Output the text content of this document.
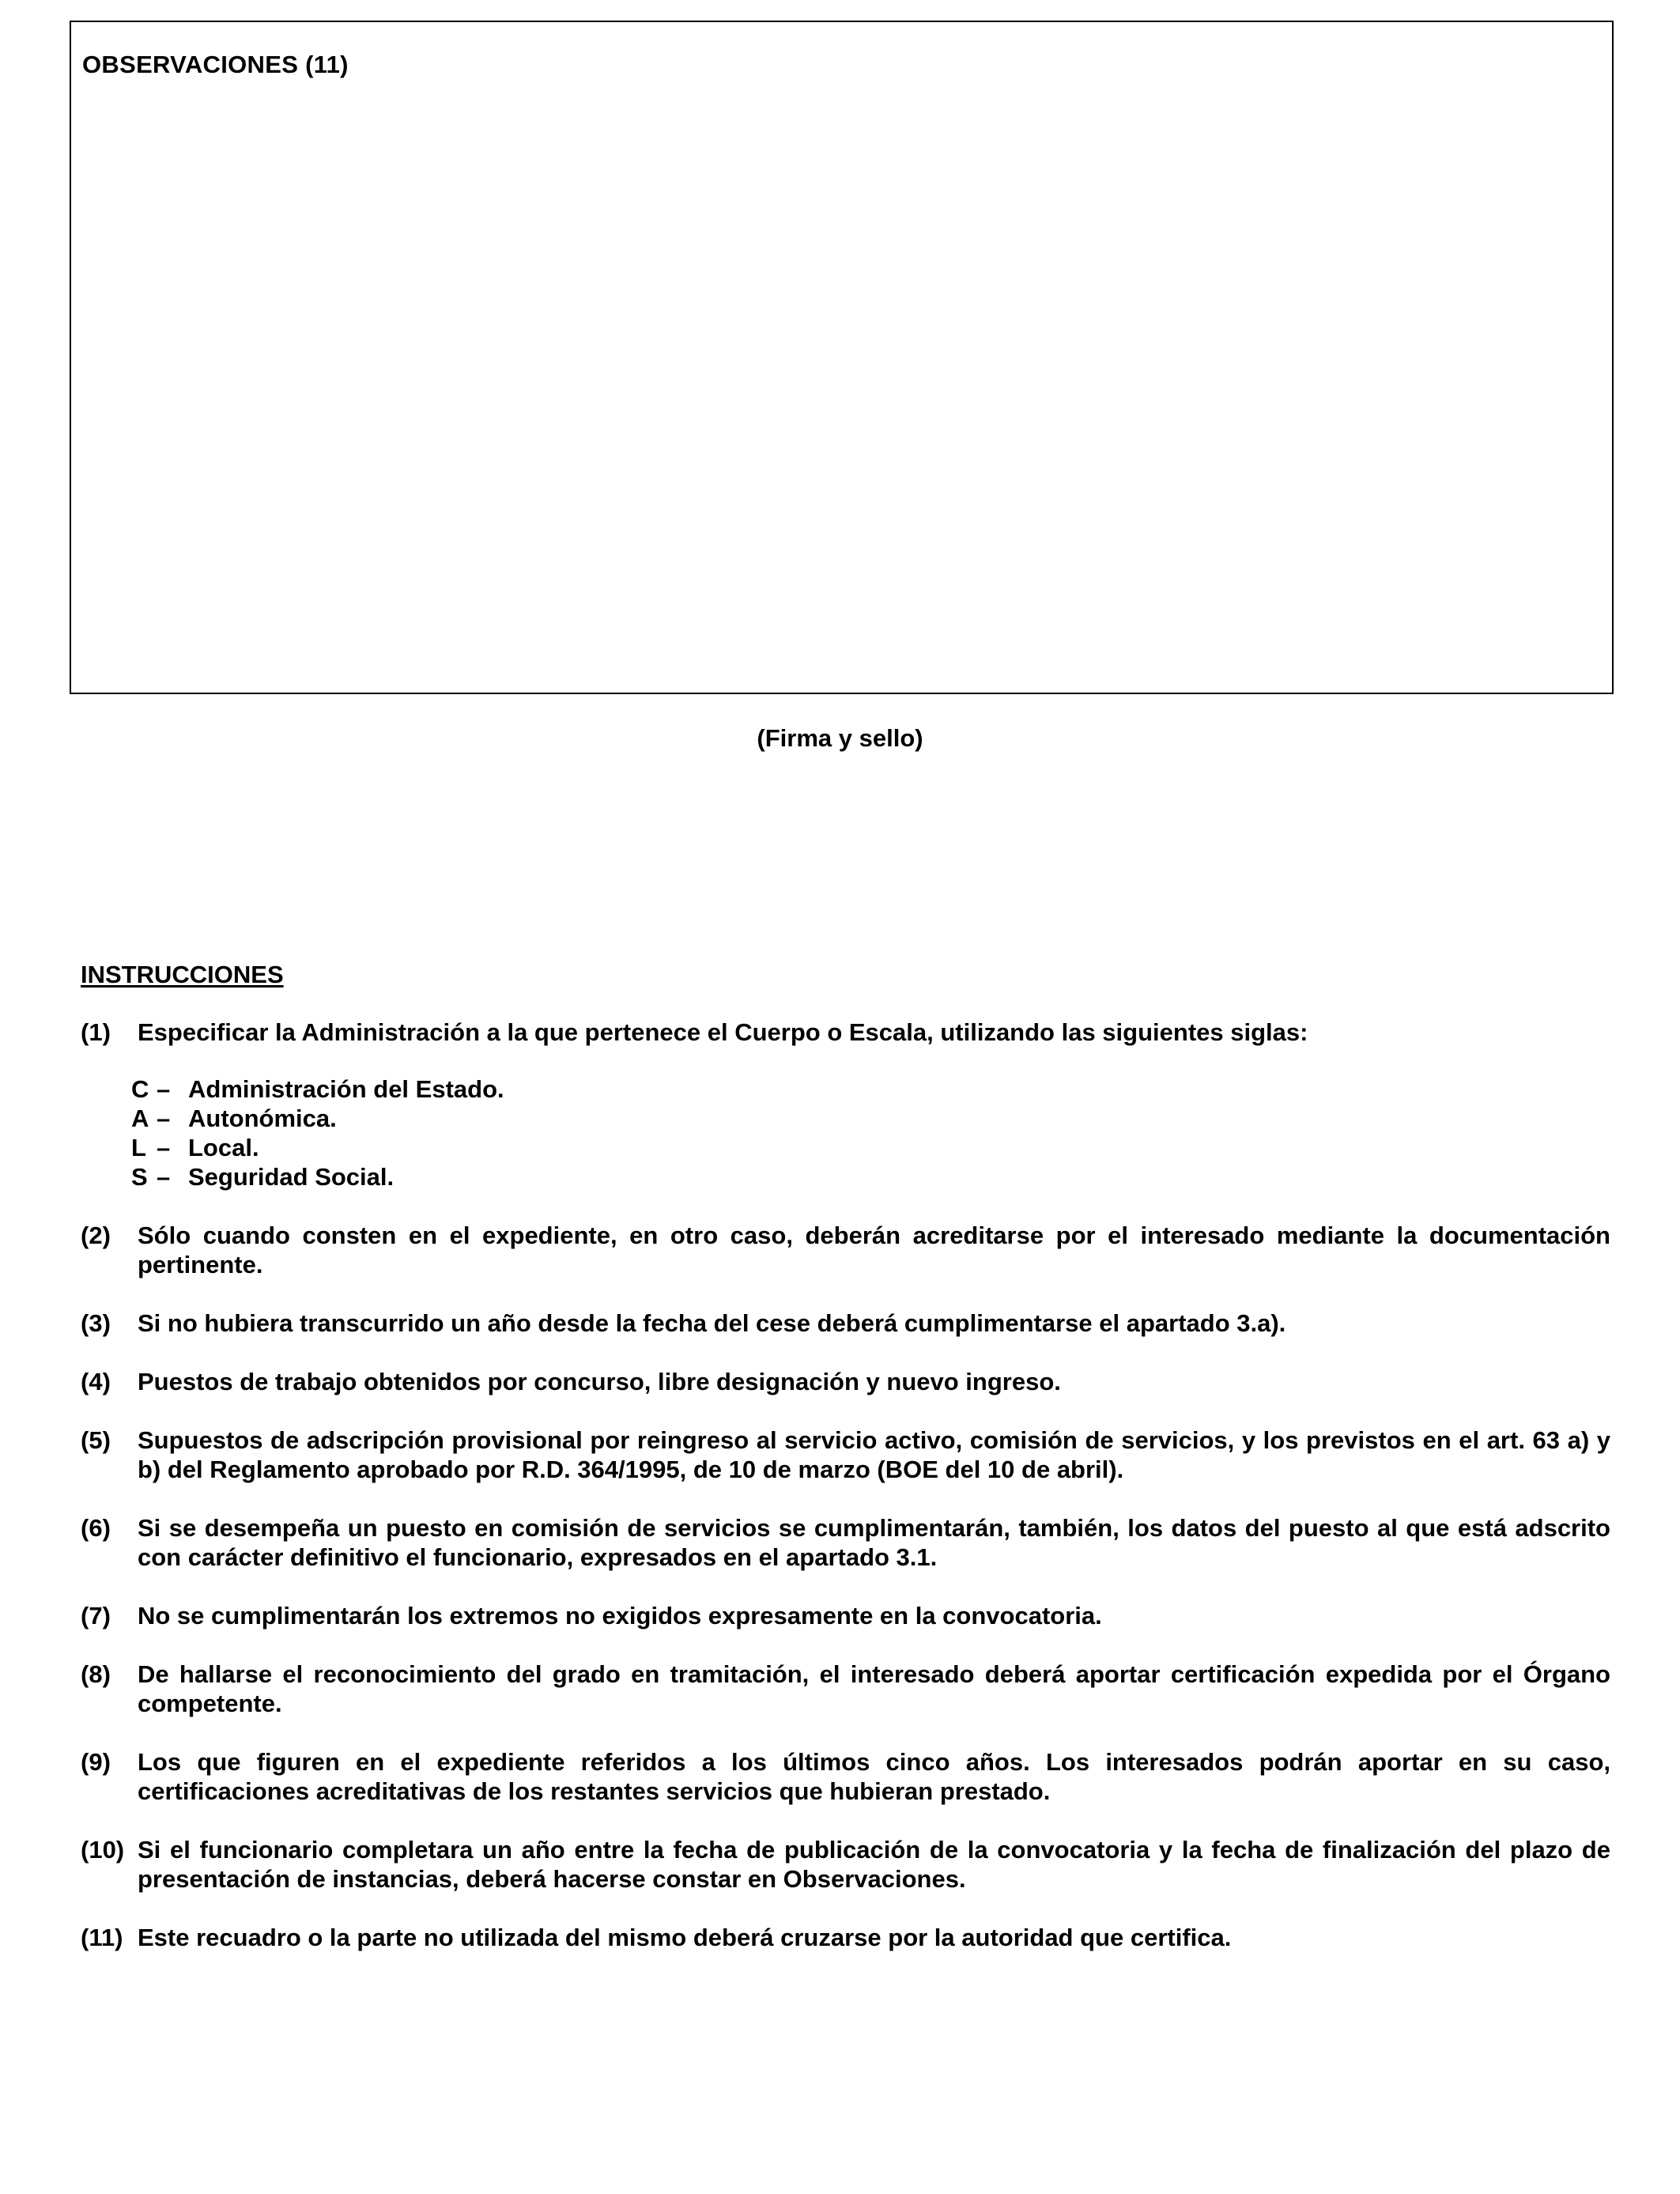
OBSERVACIONES (11)
(Firma y sello)
INSTRUCCIONES
(1) Especificar la Administración a la que pertenece el Cuerpo o Escala, utilizando las siguientes siglas:
C – Administración del Estado.
A – Autonómica.
L – Local.
S – Seguridad Social.
(2) Sólo cuando consten en el expediente, en otro caso, deberán acreditarse por el interesado mediante la documentación pertinente.
(3) Si no hubiera transcurrido un año desde la fecha del cese deberá cumplimentarse el apartado 3.a).
(4) Puestos de trabajo obtenidos por concurso, libre designación y nuevo ingreso.
(5) Supuestos de adscripción provisional por reingreso al servicio activo, comisión de servicios, y los previstos en el art. 63 a) y b) del Reglamento aprobado por R.D. 364/1995, de 10 de marzo (BOE del 10 de abril).
(6) Si se desempeña un puesto en comisión de servicios se cumplimentarán, también, los datos del puesto al que está adscrito con carácter definitivo el funcionario, expresados en el apartado 3.1.
(7) No se cumplimentarán los extremos no exigidos expresamente en la convocatoria.
(8) De hallarse el reconocimiento del grado en tramitación, el interesado deberá aportar certificación expedida por el Órgano competente.
(9) Los que figuren en el expediente referidos a los últimos cinco años. Los interesados podrán aportar en su caso, certificaciones acreditativas de los restantes servicios que hubieran prestado.
(10) Si el funcionario completara un año entre la fecha de publicación de la convocatoria y la fecha de finalización del plazo de presentación de instancias, deberá hacerse constar en Observaciones.
(11) Este recuadro o la parte no utilizada del mismo deberá cruzarse por la autoridad que certifica.
